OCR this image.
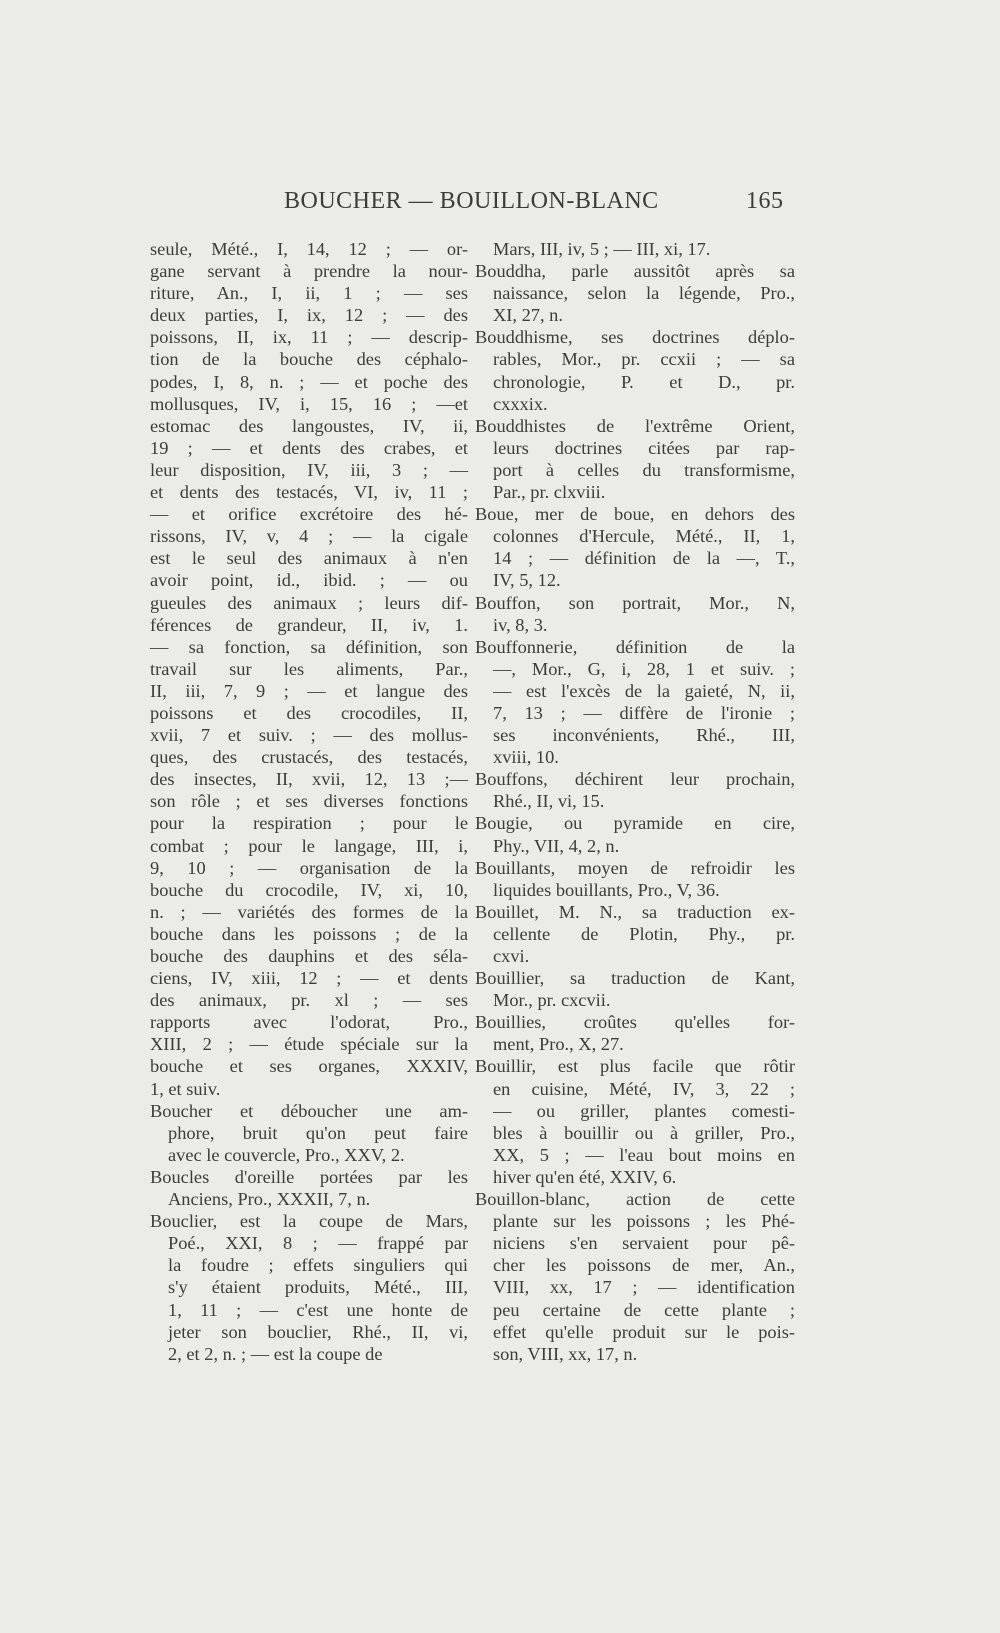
BOUCHER — BOUILLON-BLANC	165
seule, Mété., I, 14, 12 ; — or-
gane servant à prendre la nour-
riture, An., I, ii, 1 ; — ses
deux parties, I, ix, 12 ; — des
poissons, II, ix, 11 ; — descrip-
tion de la bouche des céphalo-
podes, I, 8, n. ; — et poche des
mollusques, IV, i, 15, 16 ; —et
estomac des langoustes, IV, ii,
19 ; — et dents des crabes, et
leur disposition, IV, iii, 3 ; —
et dents des testacés, VI, iv, 11 ;
— et orifice excrétoire des hé-
rissons, IV, v, 4 ; — la cigale
est le seul des animaux à n'en
avoir point, id., ibid. ; — ou
gueules des animaux ; leurs dif-
férences de grandeur, II, iv, 1.
— sa fonction, sa définition, son
travail sur les aliments, Par.,
II, iii, 7, 9 ; — et langue des
poissons et des crocodiles, II,
xvii, 7 et suiv. ; — des mollus-
ques, des crustacés, des testacés,
des insectes, II, xvii, 12, 13 ;—
son rôle ; et ses diverses fonctions
pour la respiration ; pour le
combat ; pour le langage, III, i,
9, 10 ; — organisation de la
bouche du crocodile, IV, xi, 10,
n. ; — variétés des formes de la
bouche dans les poissons ; de la
bouche des dauphins et des séla-
ciens, IV, xiii, 12 ; — et dents
des animaux, pr. xl ; — ses
rapports avec l'odorat, Pro.,
XIII, 2 ; — étude spéciale sur la
bouche et ses organes, XXXIV,
1, et suiv.
Boucher et déboucher une am-
phore, bruit qu'on peut faire
avec le couvercle, Pro., XXV, 2.
Boucles d'oreille portées par les
Anciens, Pro., XXXII, 7, n.
Bouclier, est la coupe de Mars,
Poé., XXI, 8 ; — frappé par
la foudre ; effets singuliers qui
s'y étaient produits, Mété., III,
1, 11 ; — c'est une honte de
jeter son bouclier, Rhé., II, vi,
2, et 2, n. ; — est la coupe de
Mars, III, iv, 5 ; — III, xi, 17.
Bouddha, parle aussitôt après sa
naissance, selon la légende, Pro.,
XI, 27, n.
Bouddhisme, ses doctrines déplo-
rables, Mor., pr. ccxii ; — sa
chronologie, P. et D., pr.
cxxxix.
Bouddhistes de l'extrême Orient,
leurs doctrines citées par rap-
port à celles du transformisme,
Par., pr. clxviii.
Boue, mer de boue, en dehors des
colonnes d'Hercule, Mété., II, 1,
14 ; — définition de la —, T.,
IV, 5, 12.
Bouffon, son portrait, Mor., N,
iv, 8, 3.
Bouffonnerie, définition de la
—, Mor., G, i, 28, 1 et suiv. ;
— est l'excès de la gaieté, N, ii,
7, 13 ; — diffère de l'ironie ;
ses inconvénients, Rhé., III,
xviii, 10.
Bouffons, déchirent leur prochain,
Rhé., II, vi, 15.
Bougie, ou pyramide en cire,
Phy., VII, 4, 2, n.
Bouillants, moyen de refroidir les
liquides bouillants, Pro., V, 36.
Bouillet, M. N., sa traduction ex-
cellente de Plotin, Phy., pr.
cxvi.
Bouillier, sa traduction de Kant,
Mor., pr. cxcvii.
Bouillies, croûtes qu'elles for-
ment, Pro., X, 27.
Bouillir, est plus facile que rôtir
en cuisine, Mété, IV, 3, 22 ;
— ou griller, plantes comesti-
bles à bouillir ou à griller, Pro.,
XX, 5 ; — l'eau bout moins en
hiver qu'en été, XXIV, 6.
Bouillon-blanc, action de cette
plante sur les poissons ; les Phé-
niciens s'en servaient pour pê-
cher les poissons de mer, An.,
VIII, xx, 17 ; — identification
peu certaine de cette plante ;
effet qu'elle produit sur le pois-
son, VIII, xx, 17, n.
